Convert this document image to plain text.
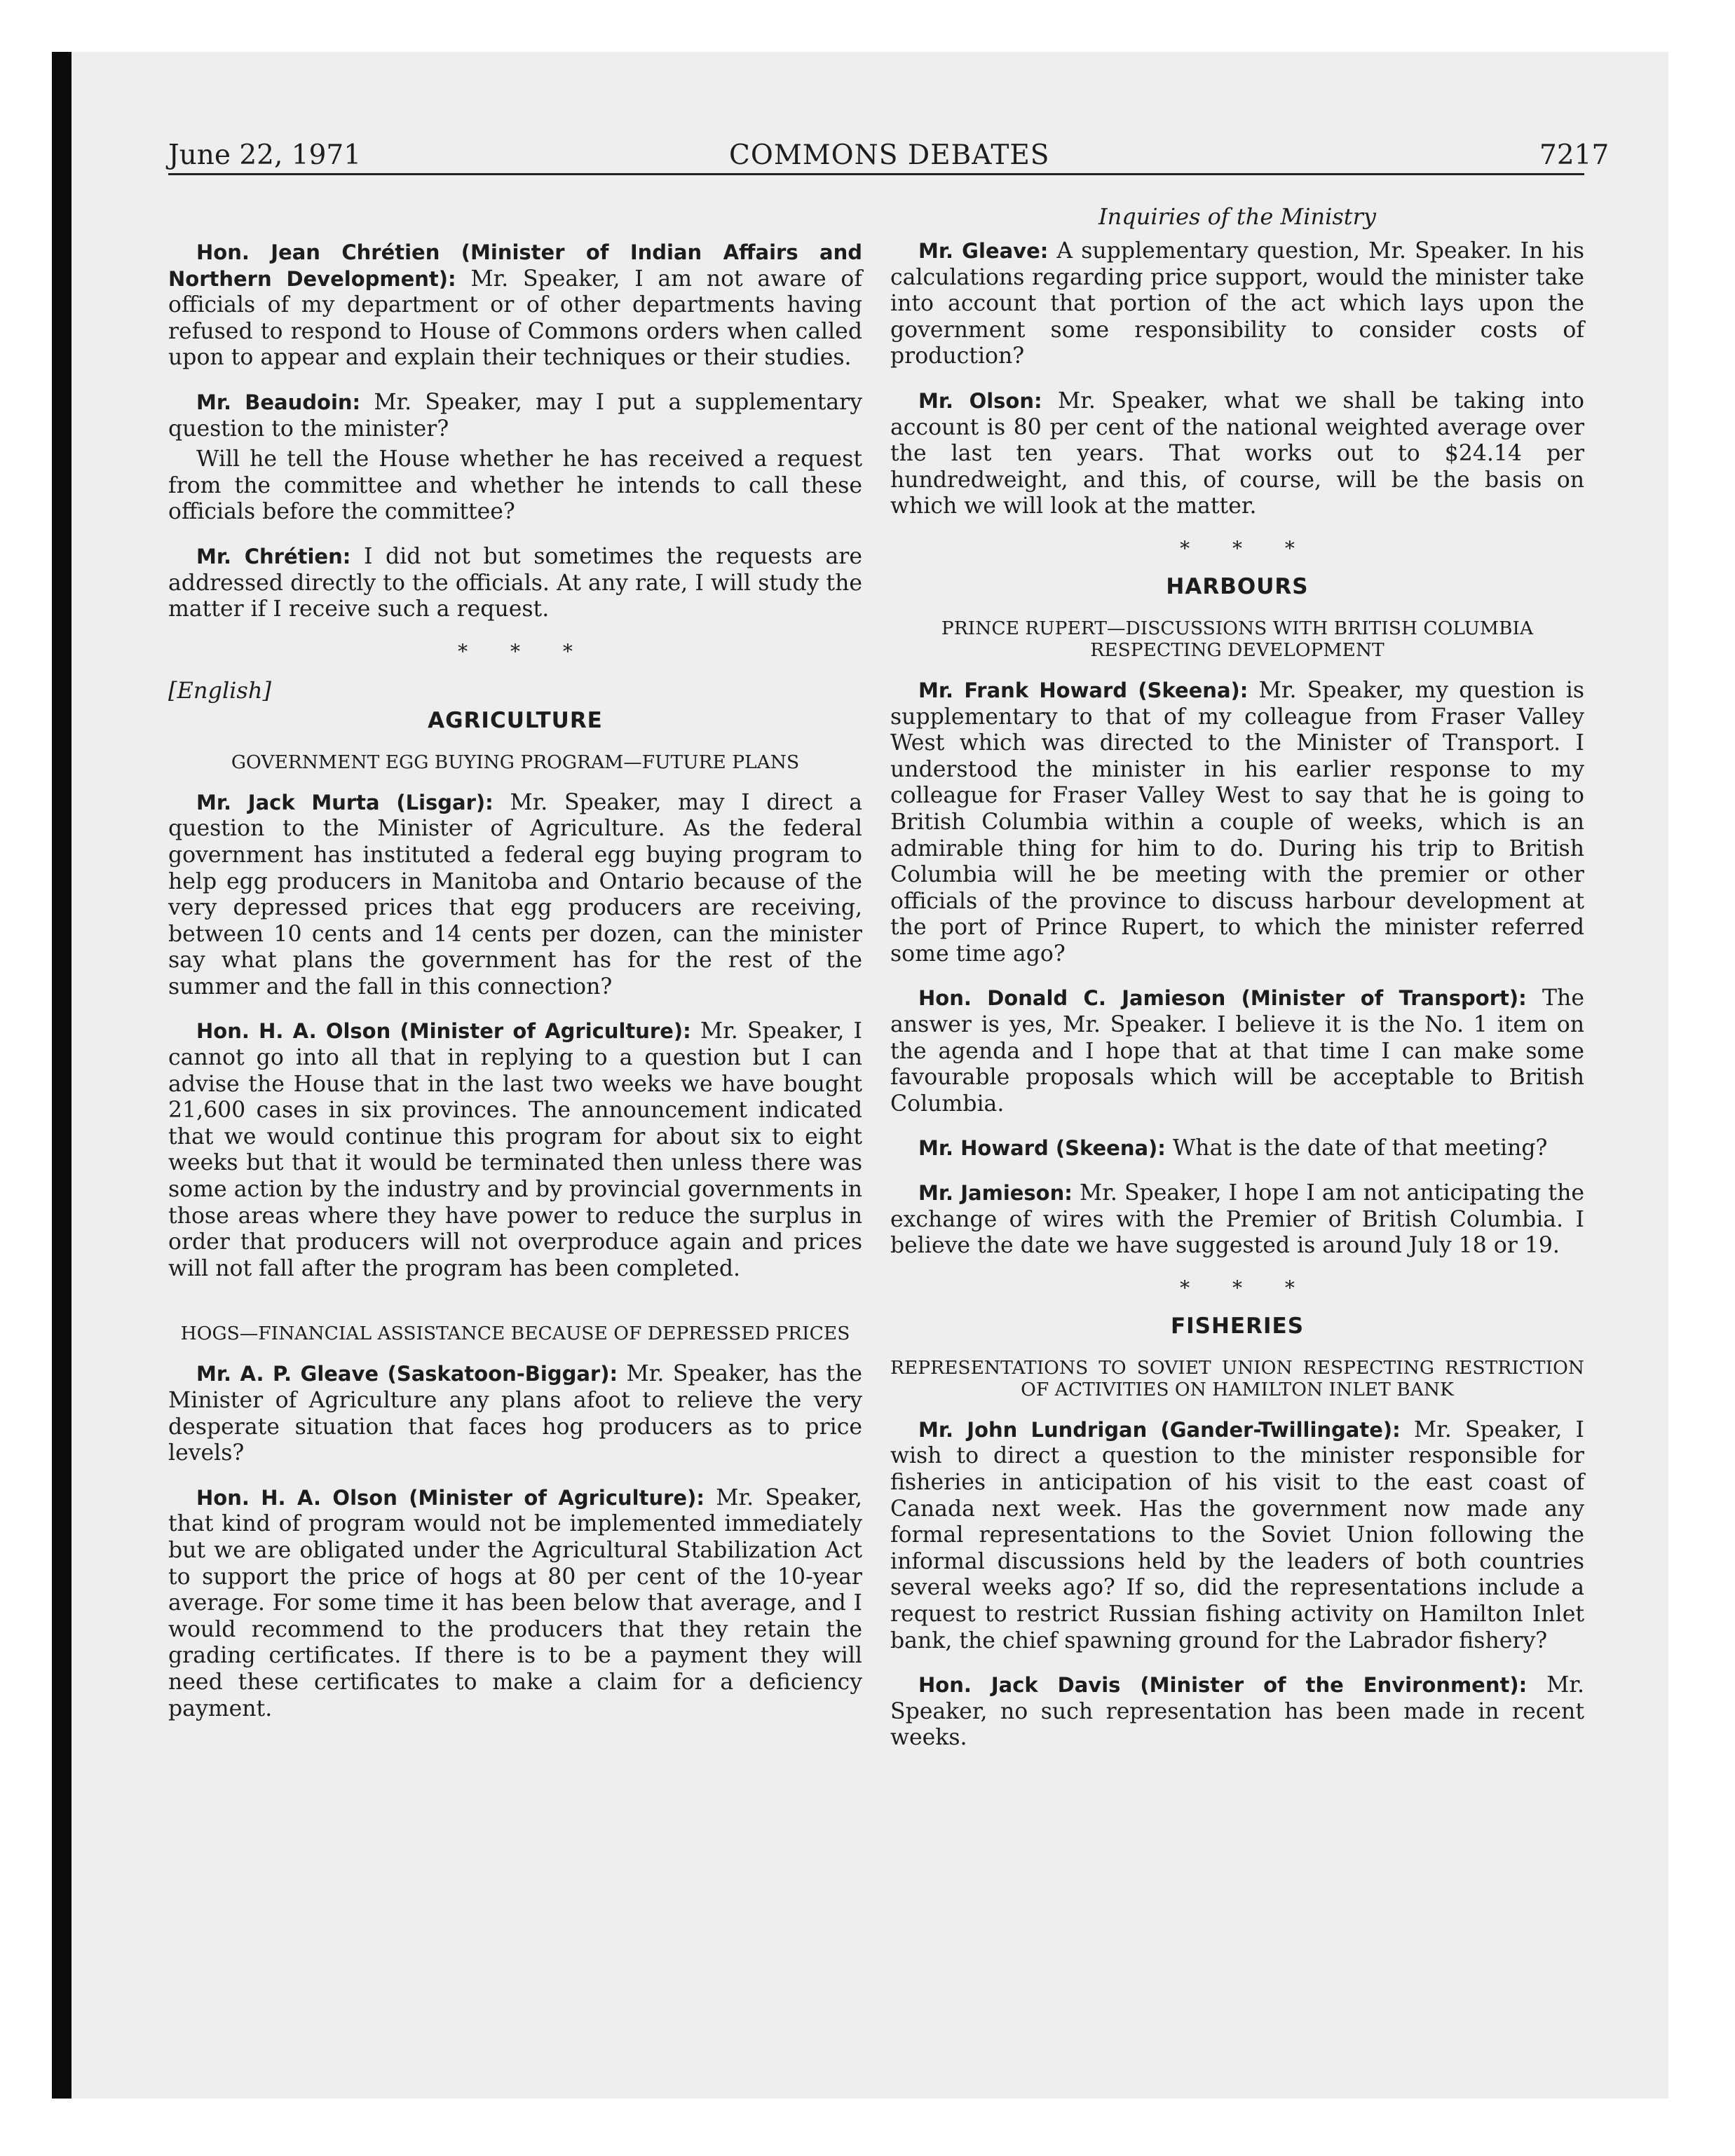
June 22, 1971	COMMONS DEBATES	7217

Hon. Jean Chrétien (Minister of Indian Affairs and Northern Development): Mr. Speaker, I am not aware of officials of my department or of other departments having refused to respond to House of Commons orders when called upon to appear and explain their techniques or their studies.

Mr. Beaudoin: Mr. Speaker, may I put a supplementary question to the minister?

Will he tell the House whether he has received a request from the committee and whether he intends to call these officials before the committee?

Mr. Chrétien: I did not but sometimes the requests are addressed directly to the officials. At any rate, I will study the matter if I receive such a request.

* * *
[English]
AGRICULTURE
GOVERNMENT EGG BUYING PROGRAM—FUTURE PLANS

Mr. Jack Murta (Lisgar): Mr. Speaker, may I direct a question to the Minister of Agriculture. As the federal government has instituted a federal egg buying program to help egg producers in Manitoba and Ontario because of the very depressed prices that egg producers are receiving, between 10 cents and 14 cents per dozen, can the minister say what plans the government has for the rest of the summer and the fall in this connection?

Hon. H. A. Olson (Minister of Agriculture): Mr. Speaker, I cannot go into all that in replying to a question but I can advise the House that in the last two weeks we have bought 21,600 cases in six provinces. The announcement indicated that we would continue this program for about six to eight weeks but that it would be terminated then unless there was some action by the industry and by provincial governments in those areas where they have power to reduce the surplus in order that producers will not overproduce again and prices will not fall after the program has been completed.

HOGS—FINANCIAL ASSISTANCE BECAUSE OF DEPRESSED PRICES

Mr. A. P. Gleave (Saskatoon-Biggar): Mr. Speaker, has the Minister of Agriculture any plans afoot to relieve the very desperate situation that faces hog producers as to price levels?

Hon. H. A. Olson (Minister of Agriculture): Mr. Speaker, that kind of program would not be implemented immediately but we are obligated under the Agricultural Stabilization Act to support the price of hogs at 80 per cent of the 10-year average. For some time it has been below that average, and I would recommend to the producers that they retain the grading certificates. If there is to be a payment they will need these certificates to make a claim for a deficiency payment.

Inquiries of the Ministry

Mr. Gleave: A supplementary question, Mr. Speaker. In his calculations regarding price support, would the minister take into account that portion of the act which lays upon the government some responsibility to consider costs of production?

Mr. Olson: Mr. Speaker, what we shall be taking into account is 80 per cent of the national weighted average over the last ten years. That works out to $24.14 per hundredweight, and this, of course, will be the basis on which we will look at the matter.

* * *
HARBOURS
PRINCE RUPERT—DISCUSSIONS WITH BRITISH COLUMBIA RESPECTING DEVELOPMENT

Mr. Frank Howard (Skeena): Mr. Speaker, my question is supplementary to that of my colleague from Fraser Valley West which was directed to the Minister of Transport. I understood the minister in his earlier response to my colleague for Fraser Valley West to say that he is going to British Columbia within a couple of weeks, which is an admirable thing for him to do. During his trip to British Columbia will he be meeting with the premier or other officials of the province to discuss harbour development at the port of Prince Rupert, to which the minister referred some time ago?

Hon. Donald C. Jamieson (Minister of Transport): The answer is yes, Mr. Speaker. I believe it is the No. 1 item on the agenda and I hope that at that time I can make some favourable proposals which will be acceptable to British Columbia.

Mr. Howard (Skeena): What is the date of that meeting?

Mr. Jamieson: Mr. Speaker, I hope I am not anticipating the exchange of wires with the Premier of British Columbia. I believe the date we have suggested is around July 18 or 19.

* * *
FISHERIES
REPRESENTATIONS TO SOVIET UNION RESPECTING RESTRICTION OF ACTIVITIES ON HAMILTON INLET BANK

Mr. John Lundrigan (Gander-Twillingate): Mr. Speaker, I wish to direct a question to the minister responsible for fisheries in anticipation of his visit to the east coast of Canada next week. Has the government now made any formal representations to the Soviet Union following the informal discussions held by the leaders of both countries several weeks ago? If so, did the representations include a request to restrict Russian fishing activity on Hamilton Inlet bank, the chief spawning ground for the Labrador fishery?

Hon. Jack Davis (Minister of the Environment): Mr. Speaker, no such representation has been made in recent weeks.
